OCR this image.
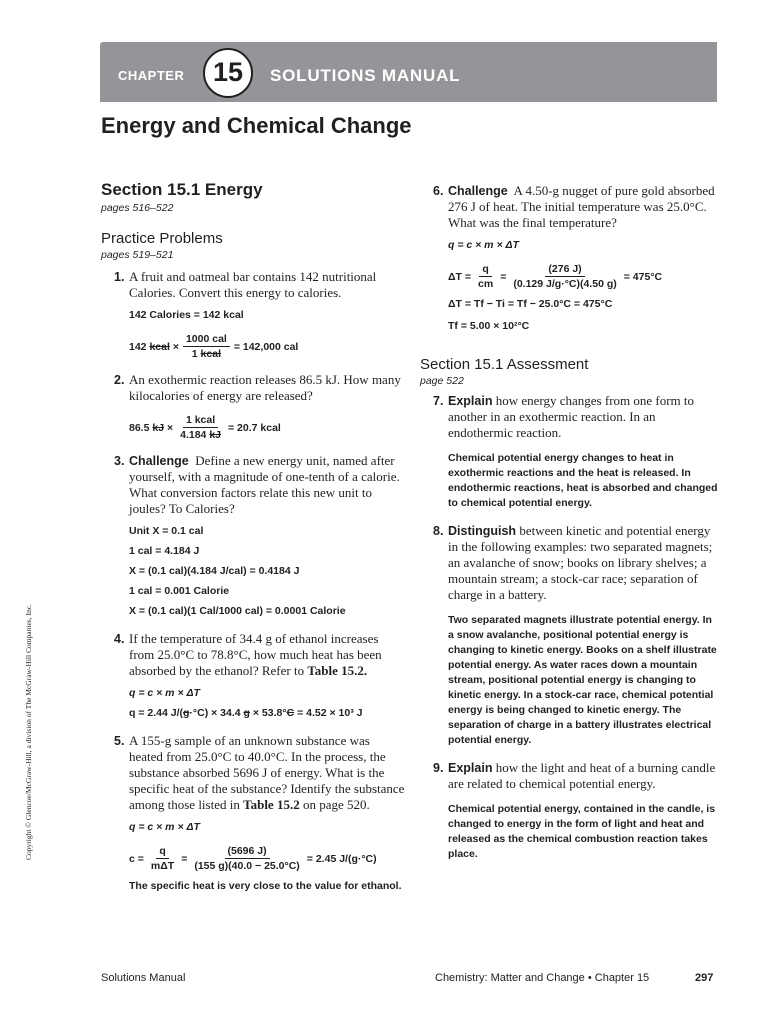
CHAPTER	15	SOLUTIONS MANUAL
Energy and Chemical Change
Copyright © Glencoe/McGraw-Hill, a division of The McGraw-Hill Companies, Inc.

Section 15.1 Energy

pages 516–522

Practice Problems

pages 519–521

1. A fruit and oatmeal bar contains 142 nutritional Calories. Convert this energy to calories.
142 Calories = 142 kcal
142
kcal
× $\frac{\text{1000 cal}}{\text{1 kcal}} = 142,000$ cal
2. An exothermic reaction releases 86.5 kJ. How many kilocalories of energy are released?
86.5
kJ
× $\frac{\text{1 kcal}}{4.184 kJ} = 20.7$ kcal
3. Challenge Define a new energy unit, named after yourself, with a magnitude of one-tenth of a calorie. What conversion factors relate this new unit to joules? To Calories?
Unit X = 0.1 cal
1 cal = 4.184 J
X = (0.1 cal)(4.184 J/cal) = 0.4184 J
1 cal = 0.001 Calorie
X = (0.1 cal)(1 Cal/1000 cal) = 0.0001 Calorie
4. If the temperature of 34.4 g of ethanol increases from 25.0°C to 78.8°C, how much heat has been absorbed by the ethanol? Refer to Table 15.2.
q = c × m × ΔT
q = 2.44 J/(g·°C) × 34.4 g × 53.8°C = 4.52 × 10³ J
5. A 155-g sample of an unknown substance was heated from 25.0°C to 40.0°C. In the process, the substance absorbed 5696 J of energy. What is the specific heat of the substance? Identify the substance among those listed in Table 15.2 on page 520.
q = c × m × ΔT
$c = \frac{q}{\text{mΔT}} = \frac{(5696 J)}{(155 g)(40.0 - 25.0^\circ C)} = 2.45$ J/(g·°C)
The specific heat is very close to the value for ethanol.
6. Challenge A 4.50-g nugget of pure gold absorbed 276 J of heat. The initial temperature was 25.0°C. What was the final temperature?
q = c × m × ΔT
$\Delta T = \frac{q}{cm} = \frac{(276 J)}{(0.129 J/g\cdot^\circ C)(4.50 g)} = 475^\circ C$
ΔT = Tf − Ti = Tf − 25.0°C = 475°C
Tf = 5.00 × 10²°C

Section 15.1 Assessment

page 522

7. Explain how energy changes from one form to another in an exothermic reaction. In an endothermic reaction.
Chemical potential energy changes to heat in exothermic reactions and the heat is released. In endothermic reactions, heat is absorbed and changed to chemical potential energy.
8. Distinguish between kinetic and potential energy in the following examples: two separated magnets; an avalanche of snow; books on library shelves; a mountain stream; a stock-car race; separation of charge in a battery.
Two separated magnets illustrate potential energy. In a snow avalanche, positional potential energy is changing to kinetic energy. Books on a shelf illustrate potential energy. As water races down a mountain stream, positional potential energy is changing to kinetic energy. In a stock-car race, chemical potential energy is being changed to kinetic energy. The separation of charge in a battery illustrates electrical potential energy.
9. Explain how the light and heat of a burning candle are related to chemical potential energy.
Chemical potential energy, contained in the candle, is changed to energy in the form of light and heat and released as the chemical combustion reaction takes place.
Solutions Manual	Chemistry: Matter and Change • Chapter 15	297
